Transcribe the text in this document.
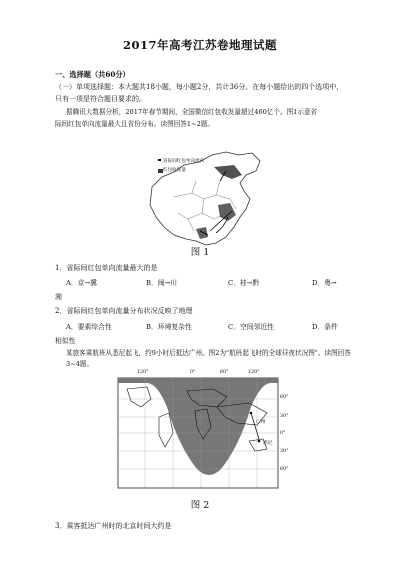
2017年高考江苏卷地理试题
一、选择题（共60分）
（一）单项选择题：本大题共18小题，每小题2分，共计36分。在每小题给出的四个选项中，
只有一项是符合题目要求的。
据腾讯大数据分析，2017年春节期间，全国微信红包收发量超过460亿个。图1示意省
际间红包单向流量最大且省份分布。读图回答1~2题。
省际间红包单向流向
红包收发量
图 1
1．省际间红包单向流量最大的是
A．京→冀	B．闽→川	C．桂→黔	D．粤→
湘
2．省际间红包单向流量分布状况反映了地理
A．要素综合性	B．环境复杂性	C．空间邻近性	D．条件
相似性
某旅客乘航班从悉尼起飞，约9小时后抵达广州。图2为"航班起飞时的全球昼夜状况图"。读图回答3~4题。
120°	0°	60°	120°
60°
30°
0°
30°
60°
广州
悉尼
图 2
3．乘客抵达广州时的北京时间大约是
